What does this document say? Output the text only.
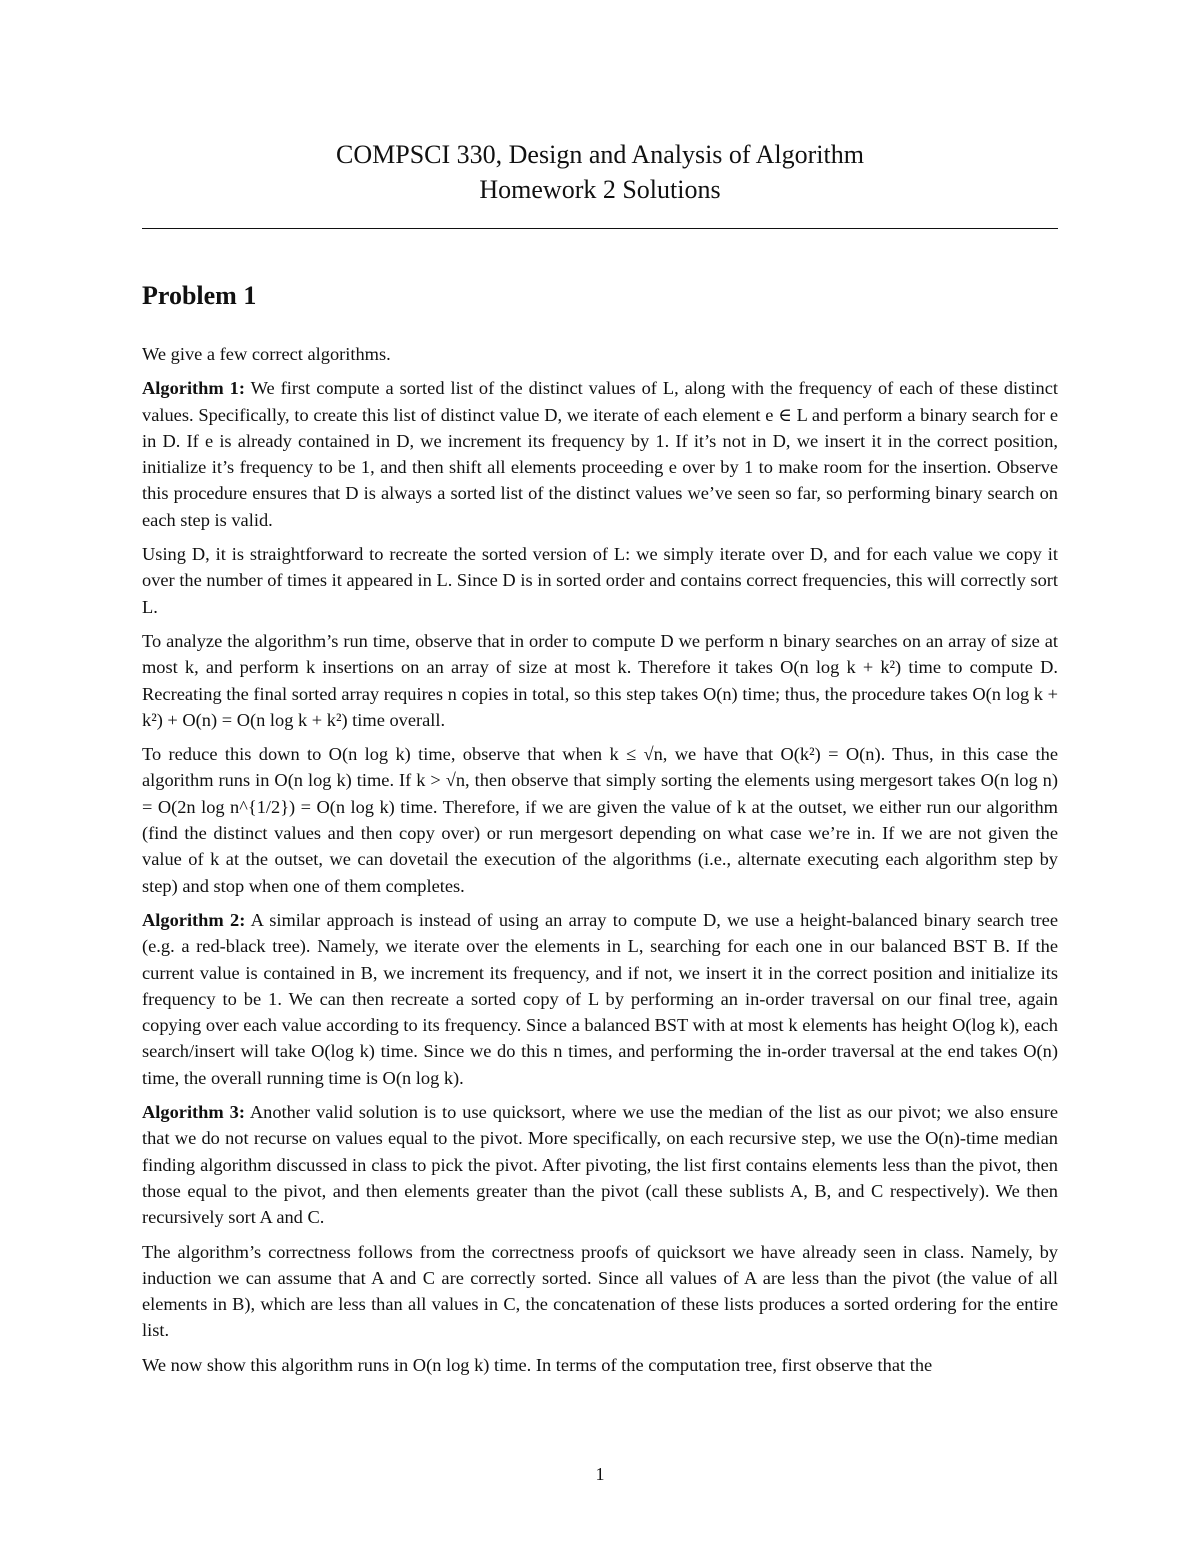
COMPSCI 330, Design and Analysis of Algorithm

Homework 2 Solutions

Problem 1

We give a few correct algorithms.

Algorithm 1: We first compute a sorted list of the distinct values of L, along with the frequency of each of these distinct values. Specifically, to create this list of distinct value D, we iterate of each element e ∈ L and perform a binary search for e in D. If e is already contained in D, we increment its frequency by 1. If it’s not in D, we insert it in the correct position, initialize it’s frequency to be 1, and then shift all elements proceeding e over by 1 to make room for the insertion. Observe this procedure ensures that D is always a sorted list of the distinct values we’ve seen so far, so performing binary search on each step is valid.

Using D, it is straightforward to recreate the sorted version of L: we simply iterate over D, and for each value we copy it over the number of times it appeared in L. Since D is in sorted order and contains correct frequencies, this will correctly sort L.

To analyze the algorithm’s run time, observe that in order to compute D we perform n binary searches on an array of size at most k, and perform k insertions on an array of size at most k. Therefore it takes O(n log k + k²) time to compute D. Recreating the final sorted array requires n copies in total, so this step takes O(n) time; thus, the procedure takes O(n log k + k²) + O(n) = O(n log k + k²) time overall.

To reduce this down to O(n log k) time, observe that when k ≤ √n, we have that O(k²) = O(n). Thus, in this case the algorithm runs in O(n log k) time. If k > √n, then observe that simply sorting the elements using mergesort takes O(n log n) = O(2n log n^{1/2}) = O(n log k) time. Therefore, if we are given the value of k at the outset, we either run our algorithm (find the distinct values and then copy over) or run mergesort depending on what case we’re in. If we are not given the value of k at the outset, we can dovetail the execution of the algorithms (i.e., alternate executing each algorithm step by step) and stop when one of them completes.

Algorithm 2: A similar approach is instead of using an array to compute D, we use a height-balanced binary search tree (e.g. a red-black tree). Namely, we iterate over the elements in L, searching for each one in our balanced BST B. If the current value is contained in B, we increment its frequency, and if not, we insert it in the correct position and initialize its frequency to be 1. We can then recreate a sorted copy of L by performing an in-order traversal on our final tree, again copying over each value according to its frequency. Since a balanced BST with at most k elements has height O(log k), each search/insert will take O(log k) time. Since we do this n times, and performing the in-order traversal at the end takes O(n) time, the overall running time is O(n log k).

Algorithm 3: Another valid solution is to use quicksort, where we use the median of the list as our pivot; we also ensure that we do not recurse on values equal to the pivot. More specifically, on each recursive step, we use the O(n)-time median finding algorithm discussed in class to pick the pivot. After pivoting, the list first contains elements less than the pivot, then those equal to the pivot, and then elements greater than the pivot (call these sublists A, B, and C respectively). We then recursively sort A and C.

The algorithm’s correctness follows from the correctness proofs of quicksort we have already seen in class. Namely, by induction we can assume that A and C are correctly sorted. Since all values of A are less than the pivot (the value of all elements in B), which are less than all values in C, the concatenation of these lists produces a sorted ordering for the entire list.

We now show this algorithm runs in O(n log k) time. In terms of the computation tree, first observe that the

1
